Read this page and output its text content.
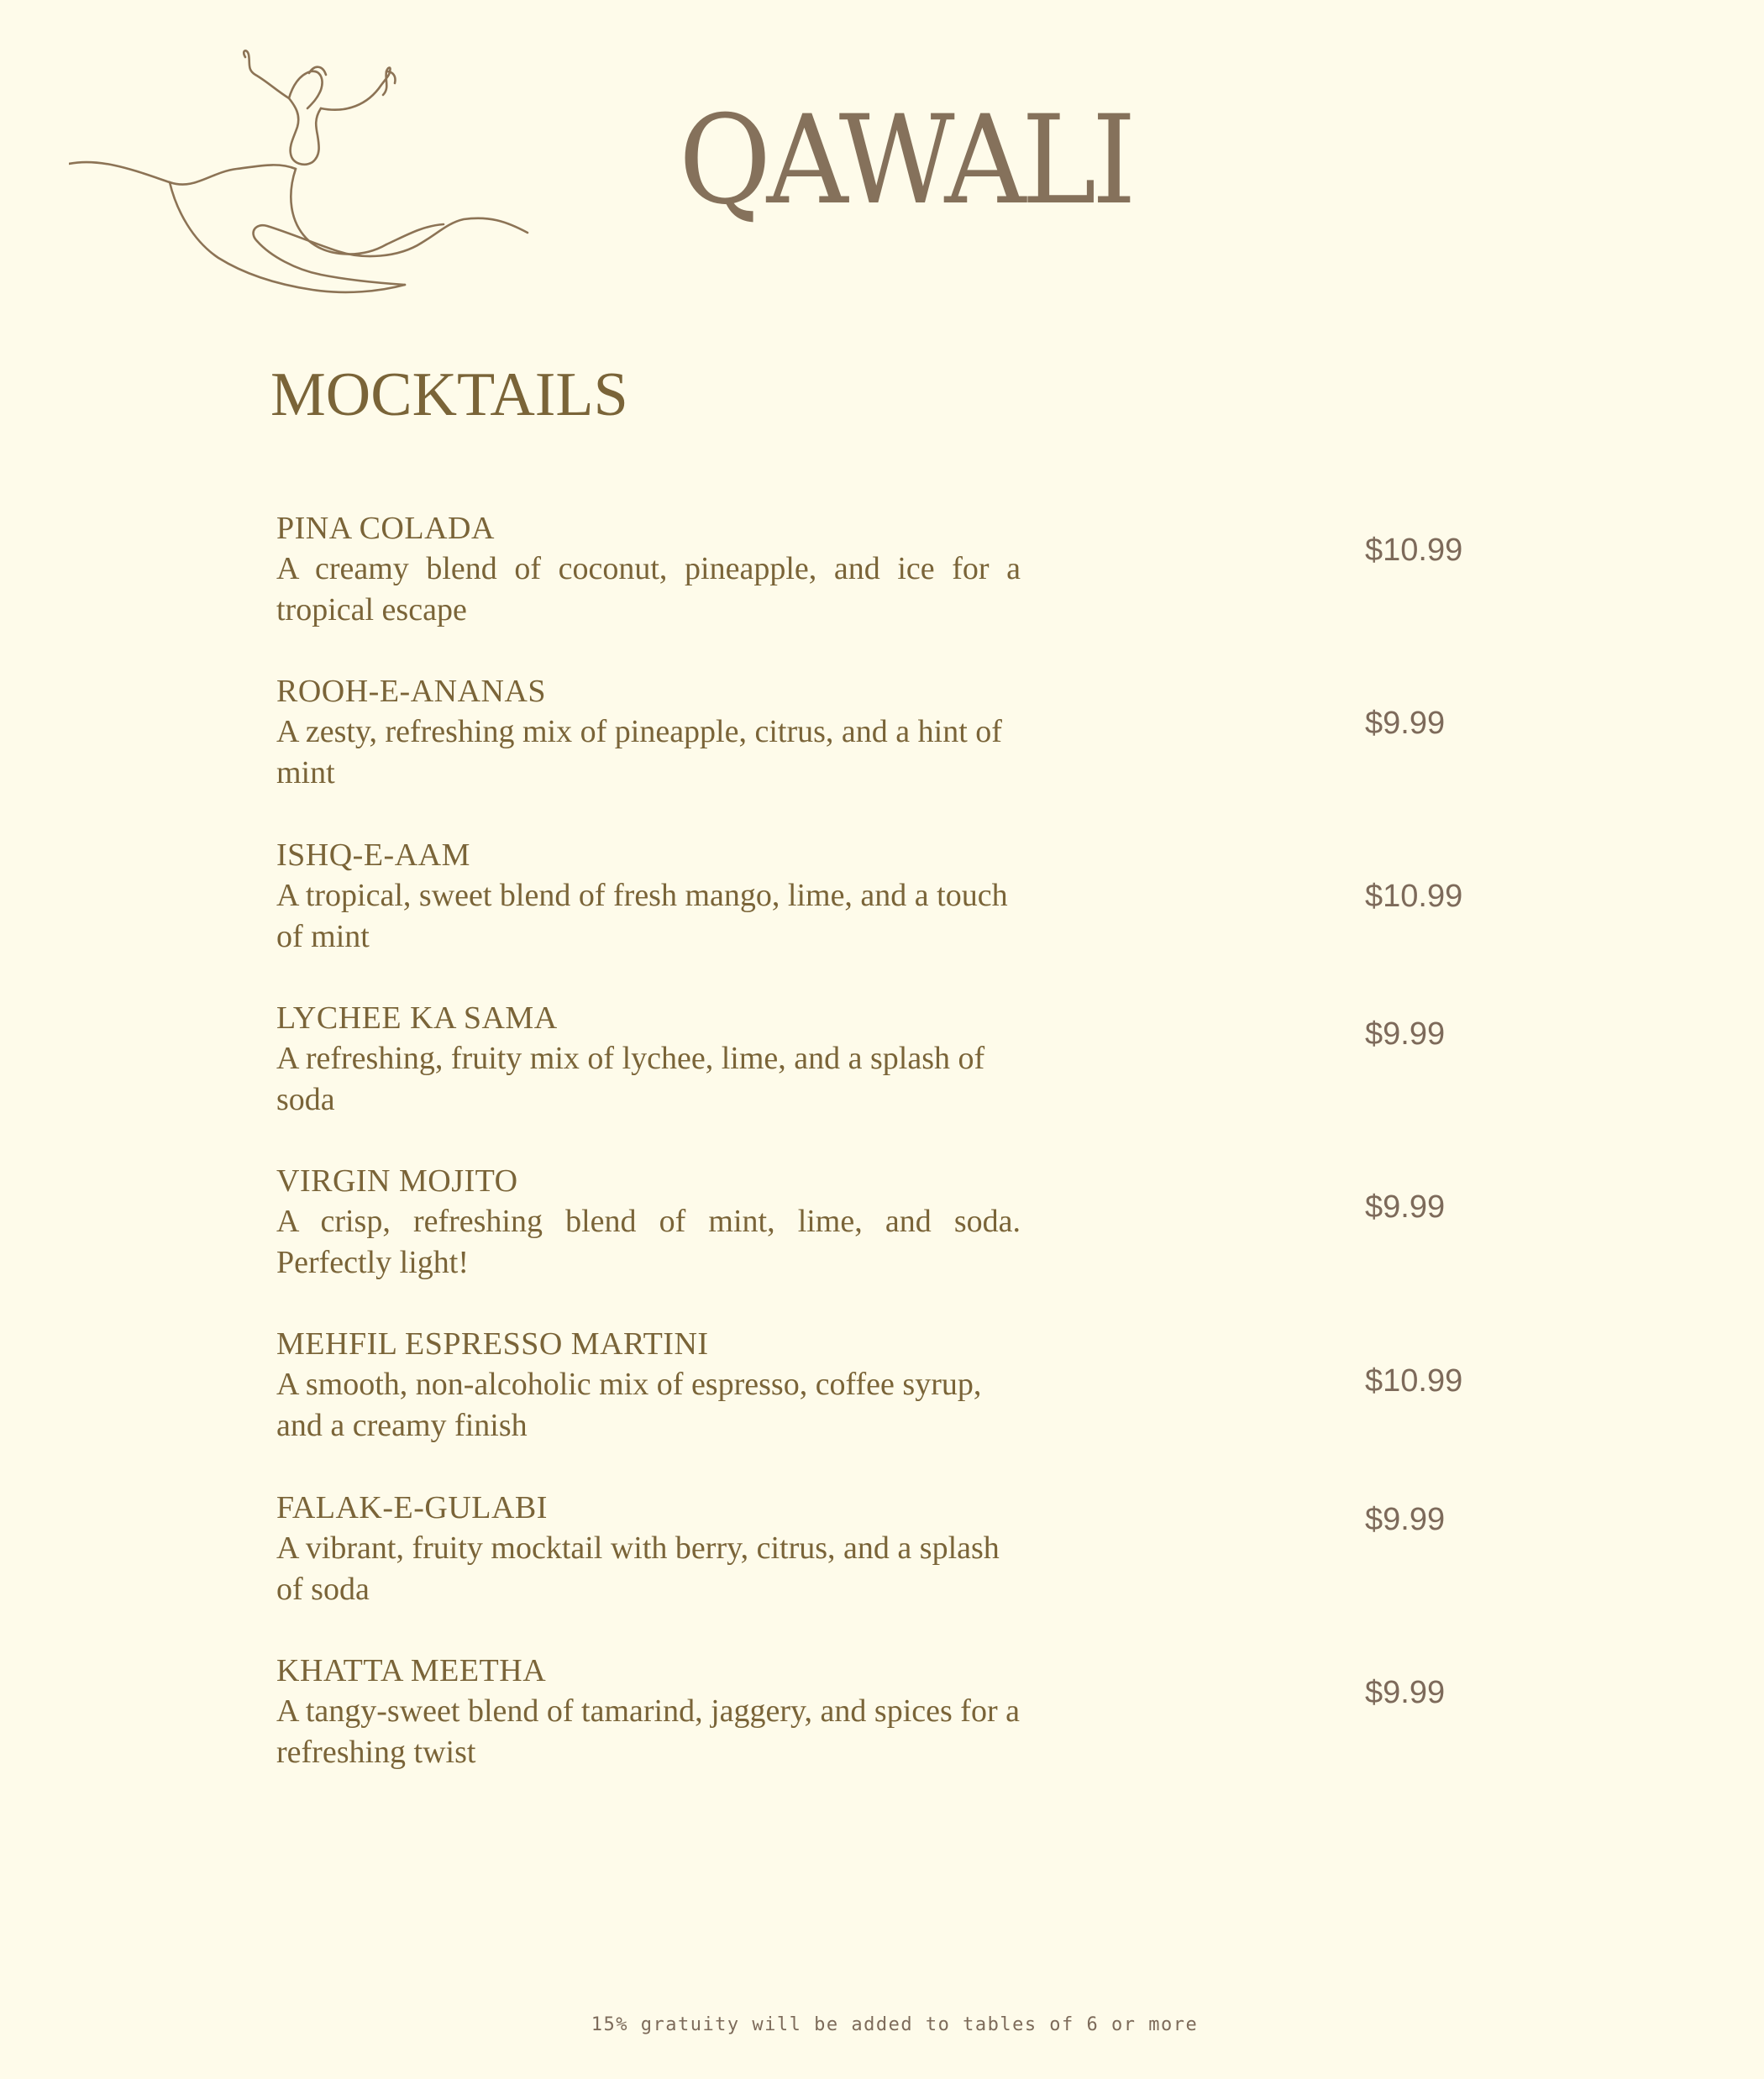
QAWALI
MOCKTAILS
PINA COLADA
A creamy blend of coconut, pineapple, and ice for a tropical escape
$10.99
ROOH-E-ANANAS
A zesty, refreshing mix of pineapple, citrus, and a hint of mint
$9.99
ISHQ-E-AAM
A tropical, sweet blend of fresh mango, lime, and a touch of mint
$10.99
LYCHEE KA SAMA
A refreshing, fruity mix of lychee, lime, and a splash of soda
$9.99
VIRGIN MOJITO
A crisp, refreshing blend of mint, lime, and soda. Perfectly light!
$9.99
MEHFIL ESPRESSO MARTINI
A smooth, non-alcoholic mix of espresso, coffee syrup, and a creamy finish
$10.99
FALAK-E-GULABI
A vibrant, fruity mocktail with berry, citrus, and a splash of soda
$9.99
KHATTA MEETHA
A tangy-sweet blend of tamarind, jaggery, and spices for a refreshing twist
$9.99
15% gratuity will be added to tables of 6 or more
